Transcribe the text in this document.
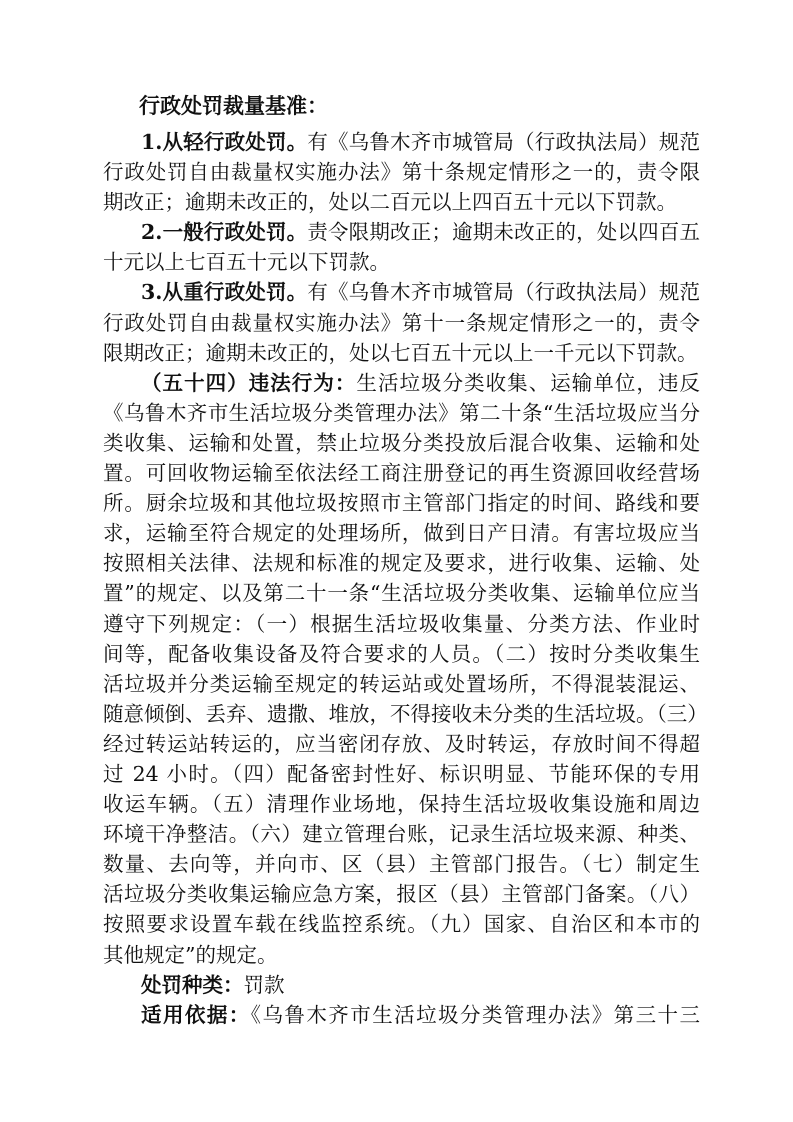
行政处罚裁量基准：
1.从轻行政处罚。有《乌鲁木齐市城管局（行政执法局）规范
行政处罚自由裁量权实施办法》第十条规定情形之一的，责令限
期改正；逾期未改正的，处以二百元以上四百五十元以下罚款。
2.一般行政处罚。责令限期改正；逾期未改正的，处以四百五
十元以上七百五十元以下罚款。
3.从重行政处罚。有《乌鲁木齐市城管局（行政执法局）规范
行政处罚自由裁量权实施办法》第十一条规定情形之一的，责令
限期改正；逾期未改正的，处以七百五十元以上一千元以下罚款。
（五十四）违法行为：生活垃圾分类收集、运输单位，违反
《乌鲁木齐市生活垃圾分类管理办法》第二十条“生活垃圾应当分
类收集、运输和处置，禁止垃圾分类投放后混合收集、运输和处
置。可回收物运输至依法经工商注册登记的再生资源回收经营场
所。厨余垃圾和其他垃圾按照市主管部门指定的时间、路线和要
求，运输至符合规定的处理场所，做到日产日清。有害垃圾应当
按照相关法律、法规和标准的规定及要求，进行收集、运输、处
置”的规定、以及第二十一条“生活垃圾分类收集、运输单位应当
遵守下列规定：（一）根据生活垃圾收集量、分类方法、作业时
间等，配备收集设备及符合要求的人员。（二）按时分类收集生
活垃圾并分类运输至规定的转运站或处置场所，不得混装混运、
随意倾倒、丢弃、遗撒、堆放，不得接收未分类的生活垃圾。（三）
经过转运站转运的，应当密闭存放、及时转运，存放时间不得超
过 24 小时。（四）配备密封性好、标识明显、节能环保的专用
收运车辆。（五）清理作业场地，保持生活垃圾收集设施和周边
环境干净整洁。（六）建立管理台账，记录生活垃圾来源、种类、
数量、去向等，并向市、区（县）主管部门报告。（七）制定生
活垃圾分类收集运输应急方案，报区（县）主管部门备案。（八）
按照要求设置车载在线监控系统。（九）国家、自治区和本市的
其他规定”的规定。
处罚种类：罚款
适用依据：《乌鲁木齐市生活垃圾分类管理办法》第三十三
